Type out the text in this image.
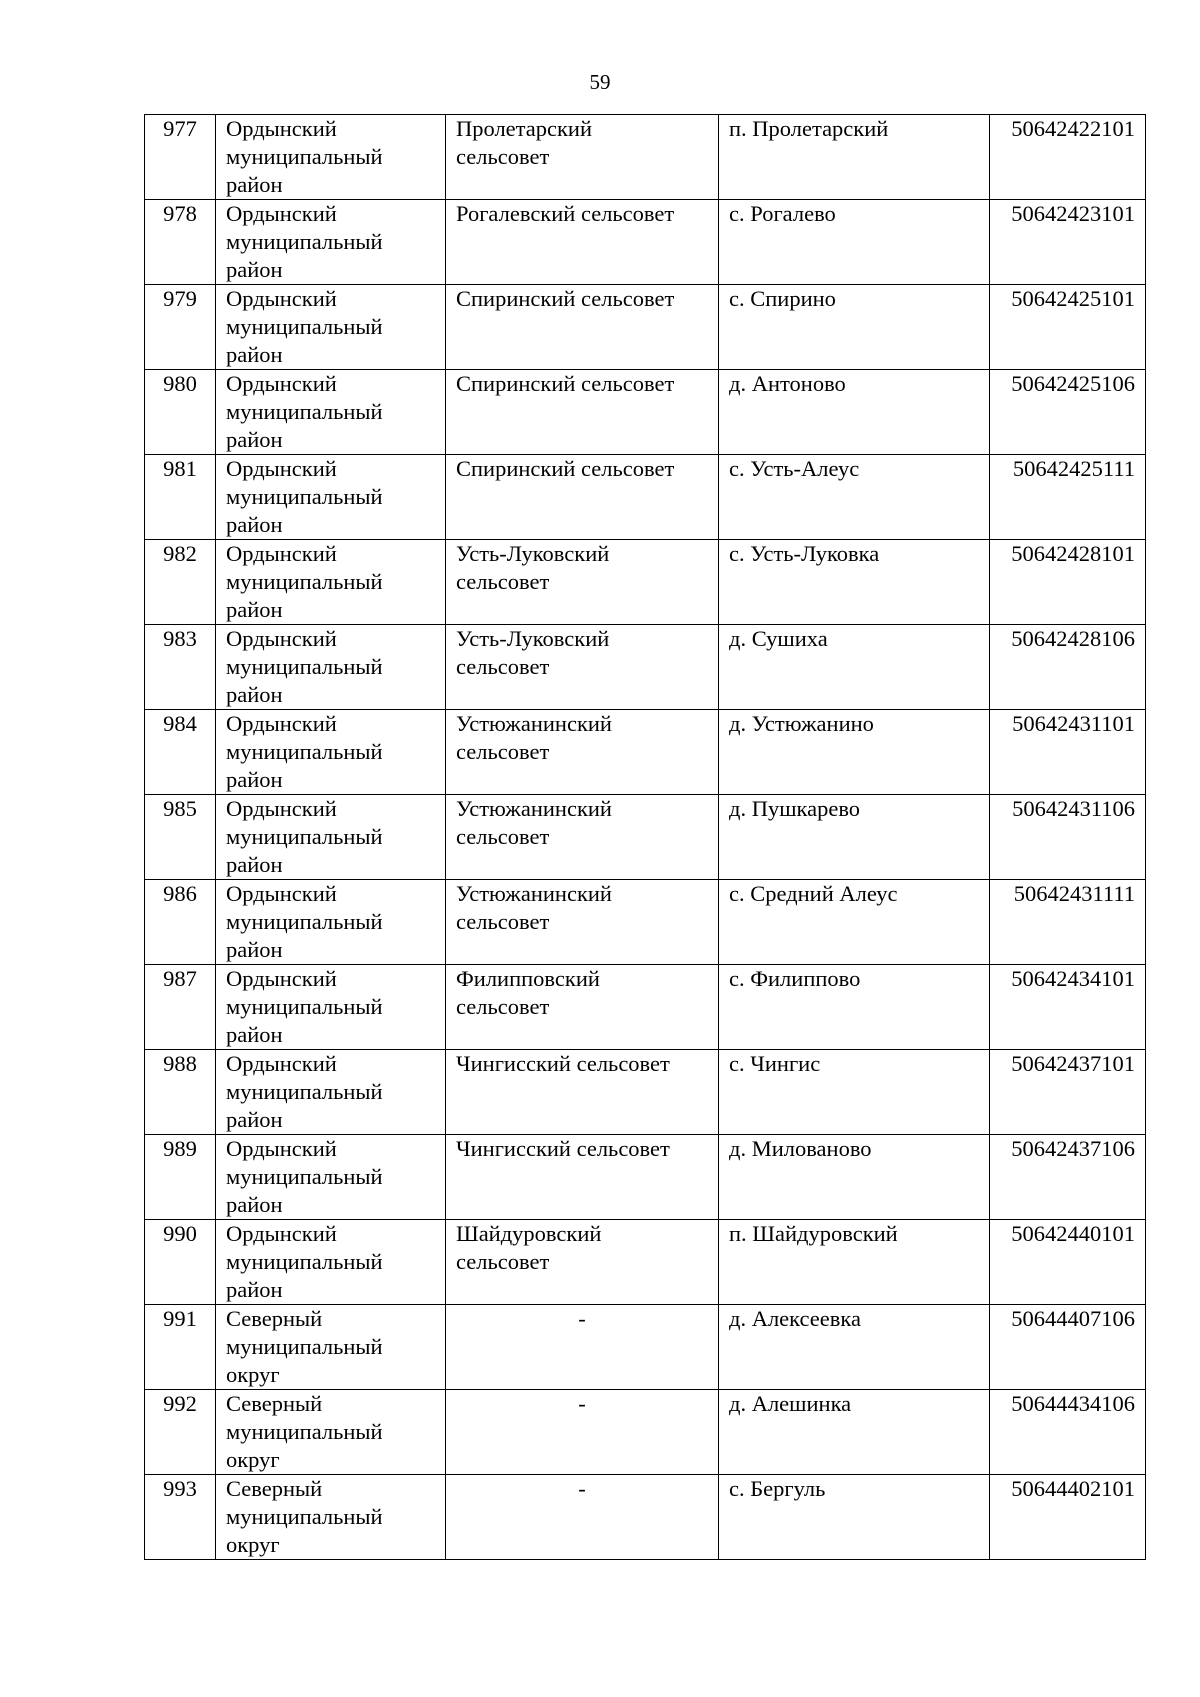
59
977	Ордынский
муниципальный
район	Пролетарский
сельсовет	п. Пролетарский	50642422101
978	Ордынский
муниципальный
район	Рогалевский сельсовет	с. Рогалево	50642423101
979	Ордынский
муниципальный
район	Спиринский сельсовет	с. Спирино	50642425101
980	Ордынский
муниципальный
район	Спиринский сельсовет	д. Антоново	50642425106
981	Ордынский
муниципальный
район	Спиринский сельсовет	с. Усть-Алеус	50642425111
982	Ордынский
муниципальный
район	Усть-Луковский
сельсовет	с. Усть-Луковка	50642428101
983	Ордынский
муниципальный
район	Усть-Луковский
сельсовет	д. Сушиха	50642428106
984	Ордынский
муниципальный
район	Устюжанинский
сельсовет	д. Устюжанино	50642431101
985	Ордынский
муниципальный
район	Устюжанинский
сельсовет	д. Пушкарево	50642431106
986	Ордынский
муниципальный
район	Устюжанинский
сельсовет	с. Средний Алеус	50642431111
987	Ордынский
муниципальный
район	Филипповский
сельсовет	с. Филиппово	50642434101
988	Ордынский
муниципальный
район	Чингисский сельсовет	с. Чингис	50642437101
989	Ордынский
муниципальный
район	Чингисский сельсовет	д. Милованово	50642437106
990	Ордынский
муниципальный
район	Шайдуровский
сельсовет	п. Шайдуровский	50642440101
991	Северный
муниципальный
округ	-	д. Алексеевка	50644407106
992	Северный
муниципальный
округ	-	д. Алешинка	50644434106
993	Северный
муниципальный
округ	-	с. Бергуль	50644402101
